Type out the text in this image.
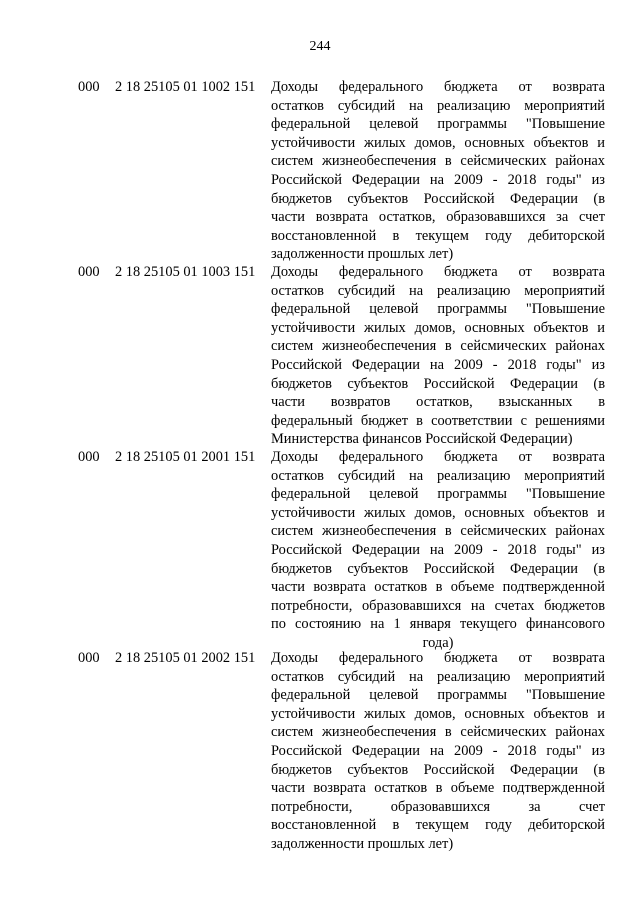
244
000 2 18 25105 01 1002 151 Доходы федерального бюджета от возврата
остатков субсидий на реализацию мероприятий
федеральной целевой программы "Повышение
устойчивости жилых домов, основных объектов и
систем жизнеобеспечения в сейсмических районах
Российской Федерации на 2009 - 2018 годы" из
бюджетов субъектов Российской Федерации (в
части возврата остатков, образовавшихся за счет
восстановленной в текущем году дебиторской
задолженности прошлых лет)
000 2 18 25105 01 1003 151 Доходы федерального бюджета от возврата
остатков субсидий на реализацию мероприятий
федеральной целевой программы "Повышение
устойчивости жилых домов, основных объектов и
систем жизнеобеспечения в сейсмических районах
Российской Федерации на 2009 - 2018 годы" из
бюджетов субъектов Российской Федерации (в
части возвратов остатков, взысканных в
федеральный бюджет в соответствии с решениями
Министерства финансов Российской Федерации)
000 2 18 25105 01 2001 151 Доходы федерального бюджета от возврата
остатков субсидий на реализацию мероприятий
федеральной целевой программы "Повышение
устойчивости жилых домов, основных объектов и
систем жизнеобеспечения в сейсмических районах
Российской Федерации на 2009 - 2018 годы" из
бюджетов субъектов Российской Федерации (в
части возврата остатков в объеме подтвержденной
потребности, образовавшихся на счетах бюджетов
по состоянию на 1 января текущего финансового
года)
000 2 18 25105 01 2002 151 Доходы федерального бюджета от возврата
остатков субсидий на реализацию мероприятий
федеральной целевой программы "Повышение
устойчивости жилых домов, основных объектов и
систем жизнеобеспечения в сейсмических районах
Российской Федерации на 2009 - 2018 годы" из
бюджетов субъектов Российской Федерации (в
части возврата остатков в объеме подтвержденной
потребности, образовавшихся за счет
восстановленной в текущем году дебиторской
задолженности прошлых лет)
